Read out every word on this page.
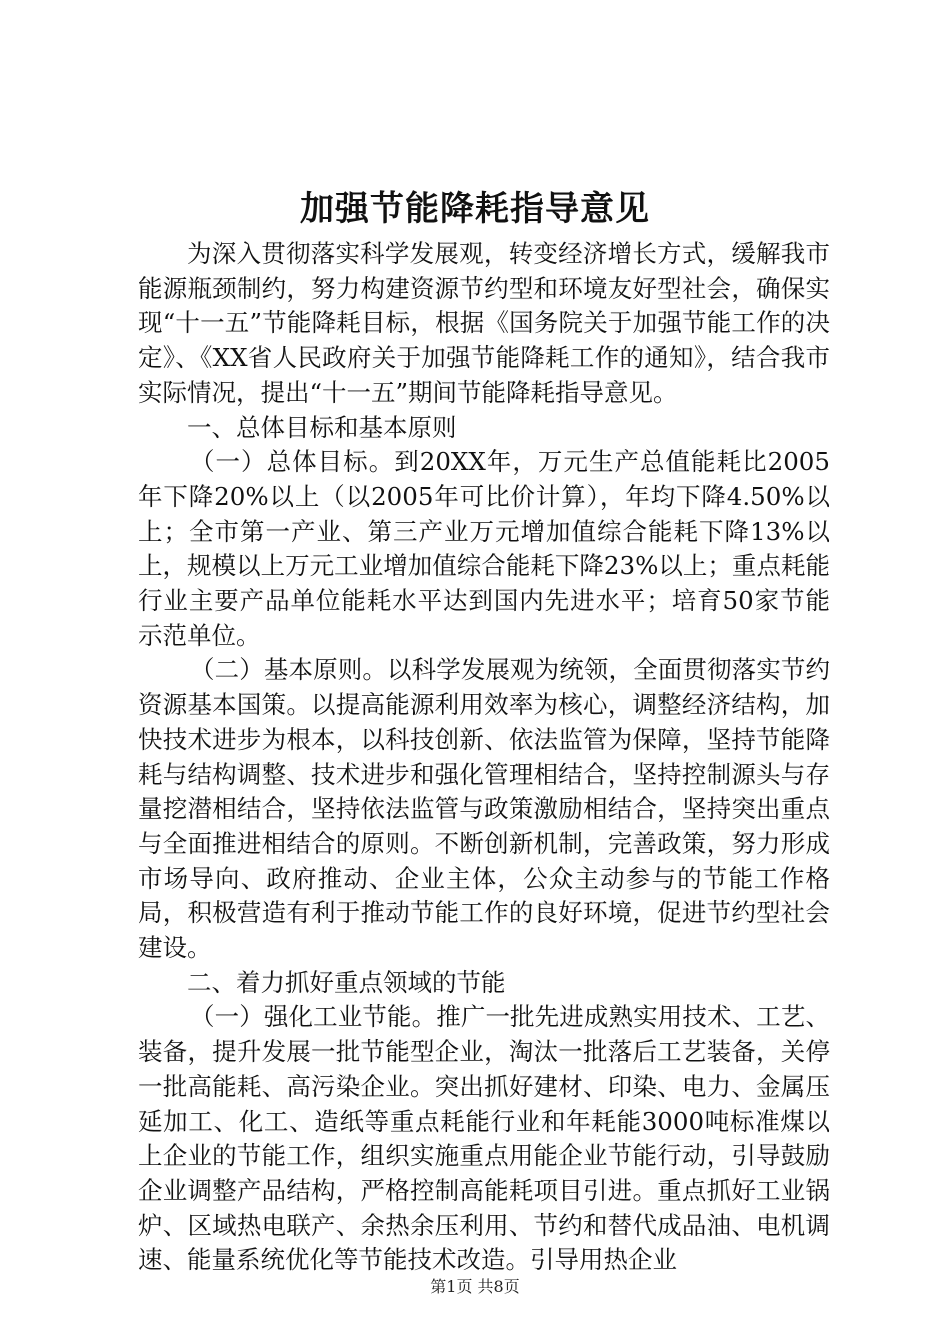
加强节能降耗指导意见

为深入贯彻落实科学发展观，转变经济增长方式，缓解我市能源瓶颈制约，努力构建资源节约型和环境友好型社会，确保实现“十一五”节能降耗目标，根据《国务院关于加强节能工作的决定》、《XX省人民政府关于加强节能降耗工作的通知》，结合我市实际情况，提出“十一五”期间节能降耗指导意见。

一、总体目标和基本原则

（一）总体目标。到20XX年，万元生产总值能耗比2005年下降20%以上（以2005年可比价计算），年均下降4.50%以上；全市第一产业、第三产业万元增加值综合能耗下降13%以上，规模以上万元工业增加值综合能耗下降23%以上；重点耗能行业主要产品单位能耗水平达到国内先进水平；培育50家节能示范单位。

（二）基本原则。以科学发展观为统领，全面贯彻落实节约资源基本国策。以提高能源利用效率为核心，调整经济结构，加快技术进步为根本，以科技创新、依法监管为保障，坚持节能降耗与结构调整、技术进步和强化管理相结合，坚持控制源头与存量挖潜相结合，坚持依法监管与政策激励相结合，坚持突出重点与全面推进相结合的原则。不断创新机制，完善政策，努力形成市场导向、政府推动、企业主体，公众主动参与的节能工作格局，积极营造有利于推动节能工作的良好环境，促进节约型社会建设。

二、着力抓好重点领域的节能

（一）强化工业节能。推广一批先进成熟实用技术、工艺、装备，提升发展一批节能型企业，淘汰一批落后工艺装备，关停一批高能耗、高污染企业。突出抓好建材、印染、电力、金属压延加工、化工、造纸等重点耗能行业和年耗能3000吨标准煤以上企业的节能工作，组织实施重点用能企业节能行动，引导鼓励企业调整产品结构，严格控制高能耗项目引进。重点抓好工业锅炉、区域热电联产、余热余压利用、节约和替代成品油、电机调速、能量系统优化等节能技术改造。引导用热企业

第1页 共8页
